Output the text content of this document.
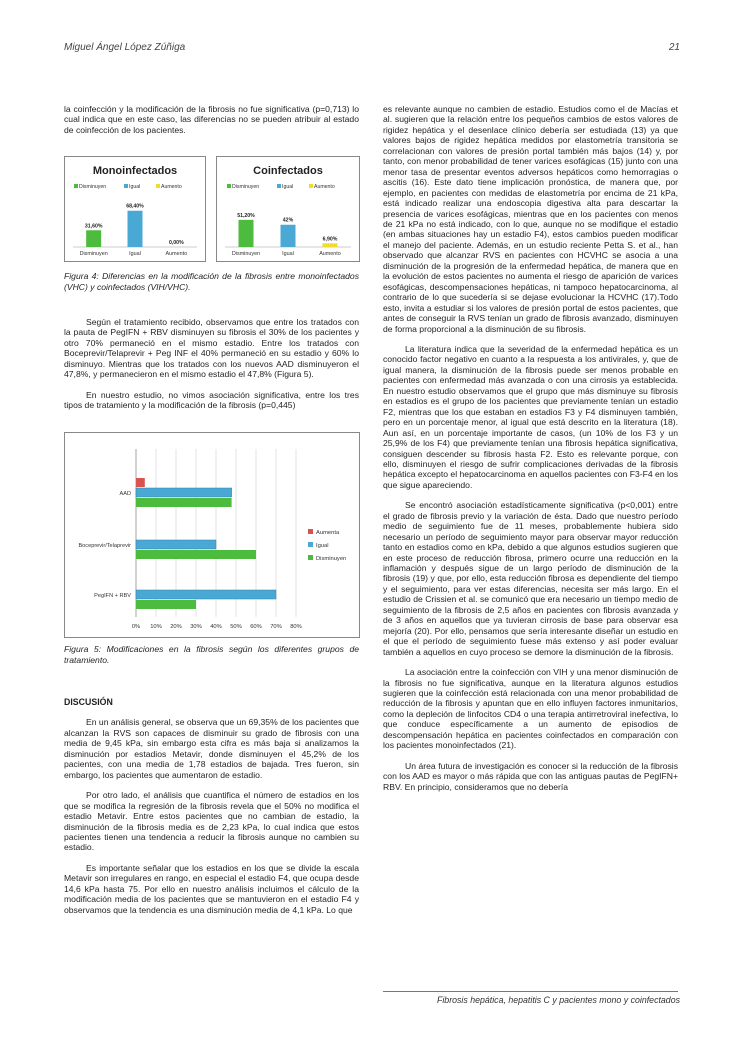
Miguel Ángel López Zúñiga	21

la coinfección y la modificación de la fibrosis no fue significativa (p=0,713) lo cual indica que en este caso, las diferencias no se pueden atribuir al estado de coinfección de los pacientes.

Monoinfectados
Disminuyen	Igual	Aumento
31,60%
Disminuyen
68,40%
Igual
0,00%
Aumento
Coinfectados
Disminuyen	Igual	Aumento
51,20%
Disminuyen
42%
Igual
6,90%
Aumento

Figura 4: Diferencias en la modificación de la fibrosis entre monoinfectados (VHC) y coinfectados (VIH/VHC).

Según el tratamiento recibido, observamos que entre los tratados con la pauta de PegIFN + RBV disminuyen su fibrosis el 30% de los pacientes y otro 70% permaneció en el mismo estadio. Entre los tratados con Boceprevir/Telaprevir + Peg INF el 40% permaneció en su estadio y 60% lo disminuyo. Mientras que los tratados con los nuevos AAD disminuyeron el 47,8%, y permanecieron en el mismo estadio el 47,8% (Figura 5).

En nuestro estudio, no vimos asociación significativa, entre los tres tipos de tratamiento y la modificación de la fibrosis (p=0,445)

0% 10% 20% 30% 40% 50% 60% 70% 80%
AAD
Boceprevir/Telaprevir
PegIFN + RBV
Aumenta
Igual
Disminuyen

Figura 5: Modificaciones en la fibrosis según los diferentes grupos de tratamiento.

DISCUSIÓN

En un análisis general, se observa que un 69,35% de los pacientes que alcanzan la RVS son capaces de disminuir su grado de fibrosis con una media de 9,45 kPa, sin embargo esta cifra es más baja si analizamos la disminución por estadios Metavir, donde disminuyen el 45,2% de los pacientes, con una media de 1,78 estadios de bajada. Tres fueron, sin embargo, los pacientes que aumentaron de estadio.

Por otro lado, el análisis que cuantifica el número de estadios en los que se modifica la regresión de la fibrosis revela que el 50% no modifica el estadio Metavir. Entre estos pacientes que no cambian de estadio, la disminución de la fibrosis media es de 2,23 kPa, lo cual indica que estos pacientes tienen una tendencia a reducir la fibrosis aunque no cambien su estadio.

Es importante señalar que los estadios en los que se divide la escala Metavir son irregulares en rango, en especial el estadio F4, que ocupa desde 14,6 kPa hasta 75. Por ello en nuestro análisis incluimos el cálculo de la modificación media de los pacientes que se mantuvieron en el estadio F4 y observamos que la tendencia es una disminución media de 4,1 kPa. Lo que

es relevante aunque no cambien de estadio. Estudios como el de Macías et al. sugieren que la relación entre los pequeños cambios de estos valores de rigidez hepática y el desenlace clínico debería ser estudiada (13) ya que valores bajos de rigidez hepática medidos por elastometría transitoria se correlacionan con valores de presión portal también más bajos (14) y, por tanto, con menor probabilidad de tener varices esofágicas (15) junto con una menor tasa de presentar eventos adversos hepáticos como hemorragias o ascitis (16). Este dato tiene implicación pronóstica, de manera que, por ejemplo, en pacientes con medidas de elastometría por encima de 21 kPa, está indicado realizar una endoscopia digestiva alta para descartar la presencia de varices esofágicas, mientras que en los pacientes con menos de 21 kPa no está indicado, con lo que, aunque no se modifique el estadio (en ambas situaciones hay un estadio F4), estos cambios pueden modificar el manejo del paciente. Además, en un estudio reciente Petta S. et al., han observado que alcanzar RVS en pacientes con HCVHC se asocia a una disminución de la progresión de la enfermedad hepática, de manera que en la evolución de estos pacientes no aumenta el riesgo de aparición de varices esofágicas, descompensaciones hepáticas, ni tampoco hepatocarcinoma, al contrario de lo que sucedería si se dejase evolucionar la HCVHC (17).Todo esto, invita a estudiar si los valores de presión portal de estos pacientes, que antes de conseguir la RVS tenían un grado de fibrosis avanzado, disminuyen de forma proporcional a la disminución de su fibrosis.

La literatura indica que la severidad de la enfermedad hepática es un conocido factor negativo en cuanto a la respuesta a los antivirales, y, que de igual manera, la disminución de la fibrosis puede ser menos probable en pacientes con enfermedad más avanzada o con una cirrosis ya establecida. En nuestro estudio observamos que el grupo que más disminuye su fibrosis en estadios es el grupo de los pacientes que previamente tenían un estadio F2, mientras que los que estaban en estadios F3 y F4 disminuyen también, pero en un porcentaje menor, al igual que está descrito en la literatura (18). Aun así, en un porcentaje importante de casos, (un 10% de los F3 y un 25,9% de los F4) que previamente tenían una fibrosis hepática significativa, consiguen descender su fibrosis hasta F2. Esto es relevante porque, con ello, disminuyen el riesgo de sufrir complicaciones derivadas de la fibrosis hepática excepto el hepatocarcinoma en aquellos pacientes con F3-F4 en los que sigue apareciendo.

Se encontró asociación estadísticamente significativa (p<0,001) entre el grado de fibrosis previo y la variación de ésta. Dado que nuestro período medio de seguimiento fue de 11 meses, probablemente hubiera sido necesario un período de seguimiento mayor para observar mayor reducción tanto en estadios como en kPa, debido a que algunos estudios sugieren que en este proceso de reducción fibrosa, primero ocurre una reducción en la inflamación y después sigue de un largo período de disminución de la fibrosis (19) y que, por ello, esta reducción fibrosa es dependiente del tiempo y el seguimiento, para ver estas diferencias, necesita ser más largo. En el estudio de Crissien et al. se comunicó que era necesario un tiempo medio de seguimiento de la fibrosis de 2,5 años en pacientes con fibrosis avanzada y de 3 años en aquellos que ya tuvieran cirrosis de base para observar esa mejoría (20). Por ello, pensamos que sería interesante diseñar un estudio en el que el período de seguimiento fuese más extenso y así poder evaluar también a aquellos en cuyo proceso se demore la disminución de la fibrosis.

La asociación entre la coinfección con VIH y una menor disminución de la fibrosis no fue significativa, aunque en la literatura algunos estudios sugieren que la coinfección está relacionada con una menor probabilidad de reducción de la fibrosis y apuntan que en ello influyen factores inmunitarios, como la depleción de linfocitos CD4 o una terapia antirretroviral inefectiva, lo que conduce específicamente a un aumento de episodios de descompensación hepática en pacientes coinfectados en comparación con los pacientes monoinfectados (21).

Un área futura de investigación es conocer si la reducción de la fibrosis con los AAD es mayor o más rápida que con las antiguas pautas de PegIFN+ RBV. En principio, consideramos que no debería

Fibrosis hepática, hepatitis C y pacientes mono y coinfectados
